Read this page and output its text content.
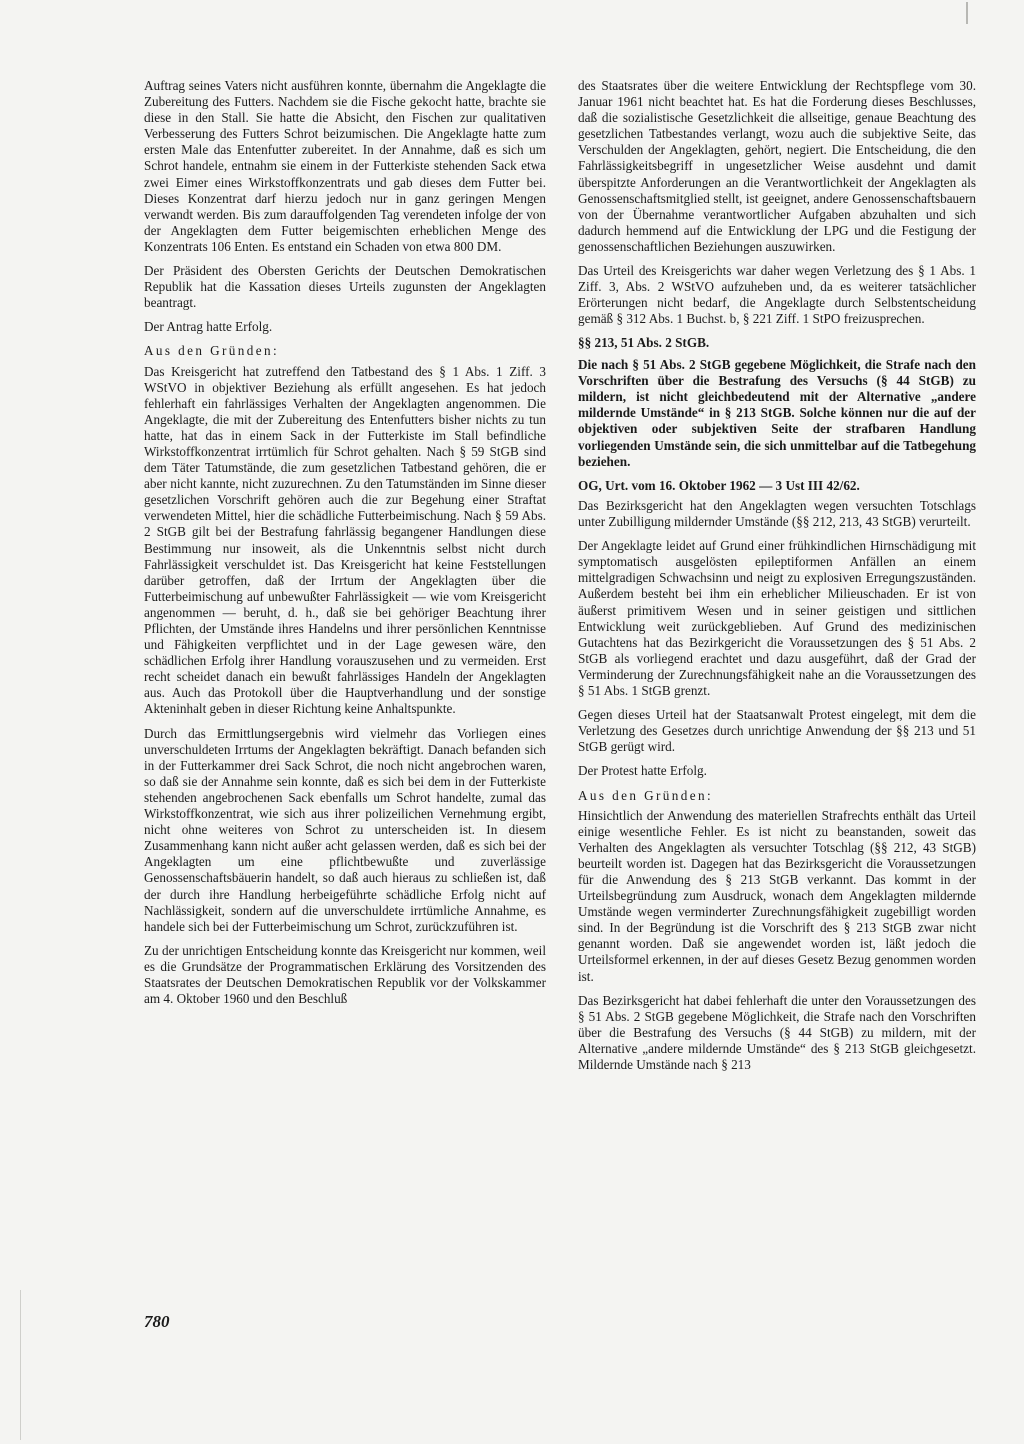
Auftrag seines Vaters nicht ausführen konnte, übernahm die Angeklagte die Zubereitung des Futters. Nachdem sie die Fische gekocht hatte, brachte sie diese in den Stall. Sie hatte die Absicht, den Fischen zur qualitativen Verbesserung des Futters Schrot beizumischen. Die Angeklagte hatte zum ersten Male das Entenfutter zubereitet. In der Annahme, daß es sich um Schrot handele, entnahm sie einem in der Futterkiste stehenden Sack etwa zwei Eimer eines Wirkstoffkonzentrats und gab dieses dem Futter bei. Dieses Konzentrat darf hierzu jedoch nur in ganz geringen Mengen verwandt werden. Bis zum darauffolgenden Tag verendeten infolge der von der Angeklagten dem Futter beigemischten erheblichen Menge des Konzentrats 106 Enten. Es entstand ein Schaden von etwa 800 DM.

Der Präsident des Obersten Gerichts der Deutschen Demokratischen Republik hat die Kassation dieses Urteils zugunsten der Angeklagten beantragt.

Der Antrag hatte Erfolg.

Aus den Gründen:

Das Kreisgericht hat zutreffend den Tatbestand des § 1 Abs. 1 Ziff. 3 WStVO in objektiver Beziehung als erfüllt angesehen. Es hat jedoch fehlerhaft ein fahrlässiges Verhalten der Angeklagten angenommen. Die Angeklagte, die mit der Zubereitung des Entenfutters bisher nichts zu tun hatte, hat das in einem Sack in der Futterkiste im Stall befindliche Wirkstoffkonzentrat irrtümlich für Schrot gehalten. Nach § 59 StGB sind dem Täter Tatumstände, die zum gesetzlichen Tatbestand gehören, die er aber nicht kannte, nicht zuzurechnen. Zu den Tatumständen im Sinne dieser gesetzlichen Vorschrift gehören auch die zur Begehung einer Straftat verwendeten Mittel, hier die schädliche Futterbeimischung. Nach § 59 Abs. 2 StGB gilt bei der Bestrafung fahrlässig begangener Handlungen diese Bestimmung nur insoweit, als die Unkenntnis selbst nicht durch Fahrlässigkeit verschuldet ist. Das Kreisgericht hat keine Feststellungen darüber getroffen, daß der Irrtum der Angeklagten über die Futterbeimischung auf unbewußter Fahrlässigkeit — wie vom Kreisgericht angenommen — beruht, d. h., daß sie bei gehöriger Beachtung ihrer Pflichten, der Umstände ihres Handelns und ihrer persönlichen Kenntnisse und Fähigkeiten verpflichtet und in der Lage gewesen wäre, den schädlichen Erfolg ihrer Handlung vorauszusehen und zu vermeiden. Erst recht scheidet danach ein bewußt fahrlässiges Handeln der Angeklagten aus. Auch das Protokoll über die Hauptverhandlung und der sonstige Akteninhalt geben in dieser Richtung keine Anhaltspunkte.

Durch das Ermittlungsergebnis wird vielmehr das Vorliegen eines unverschuldeten Irrtums der Angeklagten bekräftigt. Danach befanden sich in der Futterkammer drei Sack Schrot, die noch nicht angebrochen waren, so daß sie der Annahme sein konnte, daß es sich bei dem in der Futterkiste stehenden angebrochenen Sack ebenfalls um Schrot handelte, zumal das Wirkstoffkonzentrat, wie sich aus ihrer polizeilichen Vernehmung ergibt, nicht ohne weiteres von Schrot zu unterscheiden ist. In diesem Zusammenhang kann nicht außer acht gelassen werden, daß es sich bei der Angeklagten um eine pflichtbewußte und zuverlässige Genossenschaftsbäuerin handelt, so daß auch hieraus zu schließen ist, daß der durch ihre Handlung herbeigeführte schädliche Erfolg nicht auf Nachlässigkeit, sondern auf die unverschuldete irrtümliche Annahme, es handele sich bei der Futterbeimischung um Schrot, zurückzuführen ist.

Zu der unrichtigen Entscheidung konnte das Kreisgericht nur kommen, weil es die Grundsätze der Programmatischen Erklärung des Vorsitzenden des Staatsrates der Deutschen Demokratischen Republik vor der Volkskammer am 4. Oktober 1960 und den Beschluß

des Staatsrates über die weitere Entwicklung der Rechtspflege vom 30. Januar 1961 nicht beachtet hat. Es hat die Forderung dieses Beschlusses, daß die sozialistische Gesetzlichkeit die allseitige, genaue Beachtung des gesetzlichen Tatbestandes verlangt, wozu auch die subjektive Seite, das Verschulden der Angeklagten, gehört, negiert. Die Entscheidung, die den Fahrlässigkeitsbegriff in ungesetzlicher Weise ausdehnt und damit überspitzte Anforderungen an die Verantwortlichkeit der Angeklagten als Genossenschaftsmitglied stellt, ist geeignet, andere Genossenschaftsbauern von der Übernahme verantwortlicher Aufgaben abzuhalten und sich dadurch hemmend auf die Entwicklung der LPG und die Festigung der genossenschaftlichen Beziehungen auszuwirken.

Das Urteil des Kreisgerichts war daher wegen Verletzung des § 1 Abs. 1 Ziff. 3, Abs. 2 WStVO aufzuheben und, da es weiterer tatsächlicher Erörterungen nicht bedarf, die Angeklagte durch Selbstentscheidung gemäß § 312 Abs. 1 Buchst. b, § 221 Ziff. 1 StPO freizusprechen.

§§ 213, 51 Abs. 2 StGB.

Die nach § 51 Abs. 2 StGB gegebene Möglichkeit, die Strafe nach den Vorschriften über die Bestrafung des Versuchs (§ 44 StGB) zu mildern, ist nicht gleichbedeutend mit der Alternative „andere mildernde Umstände“ in § 213 StGB. Solche können nur die auf der objektiven oder subjektiven Seite der strafbaren Handlung vorliegenden Umstände sein, die sich unmittelbar auf die Tatbegehung beziehen.

OG, Urt. vom 16. Oktober 1962 — 3 Ust III 42/62.

Das Bezirksgericht hat den Angeklagten wegen versuchten Totschlags unter Zubilligung mildernder Umstände (§§ 212, 213, 43 StGB) verurteilt.

Der Angeklagte leidet auf Grund einer frühkindlichen Hirnschädigung mit symptomatisch ausgelösten epileptiformen Anfällen an einem mittelgradigen Schwachsinn und neigt zu explosiven Erregungszuständen. Außerdem besteht bei ihm ein erheblicher Milieuschaden. Er ist von äußerst primitivem Wesen und in seiner geistigen und sittlichen Entwicklung weit zurückgeblieben. Auf Grund des medizinischen Gutachtens hat das Bezirkgericht die Voraussetzungen des § 51 Abs. 2 StGB als vorliegend erachtet und dazu ausgeführt, daß der Grad der Verminderung der Zurechnungsfähigkeit nahe an die Voraussetzungen des § 51 Abs. 1 StGB grenzt.

Gegen dieses Urteil hat der Staatsanwalt Protest eingelegt, mit dem die Verletzung des Gesetzes durch unrichtige Anwendung der §§ 213 und 51 StGB gerügt wird.

Der Protest hatte Erfolg.

Aus den Gründen:

Hinsichtlich der Anwendung des materiellen Strafrechts enthält das Urteil einige wesentliche Fehler. Es ist nicht zu beanstanden, soweit das Verhalten des Angeklagten als versuchter Totschlag (§§ 212, 43 StGB) beurteilt worden ist. Dagegen hat das Bezirksgericht die Voraussetzungen für die Anwendung des § 213 StGB verkannt. Das kommt in der Urteilsbegründung zum Ausdruck, wonach dem Angeklagten mildernde Umstände wegen verminderter Zurechnungsfähigkeit zugebilligt worden sind. In der Begründung ist die Vorschrift des § 213 StGB zwar nicht genannt worden. Daß sie angewendet worden ist, läßt jedoch die Urteilsformel erkennen, in der auf dieses Gesetz Bezug genommen worden ist.

Das Bezirksgericht hat dabei fehlerhaft die unter den Voraussetzungen des § 51 Abs. 2 StGB gegebene Möglichkeit, die Strafe nach den Vorschriften über die Bestrafung des Versuchs (§ 44 StGB) zu mildern, mit der Alternative „andere mildernde Umstände“ des § 213 StGB gleichgesetzt. Mildernde Umstände nach § 213

780
